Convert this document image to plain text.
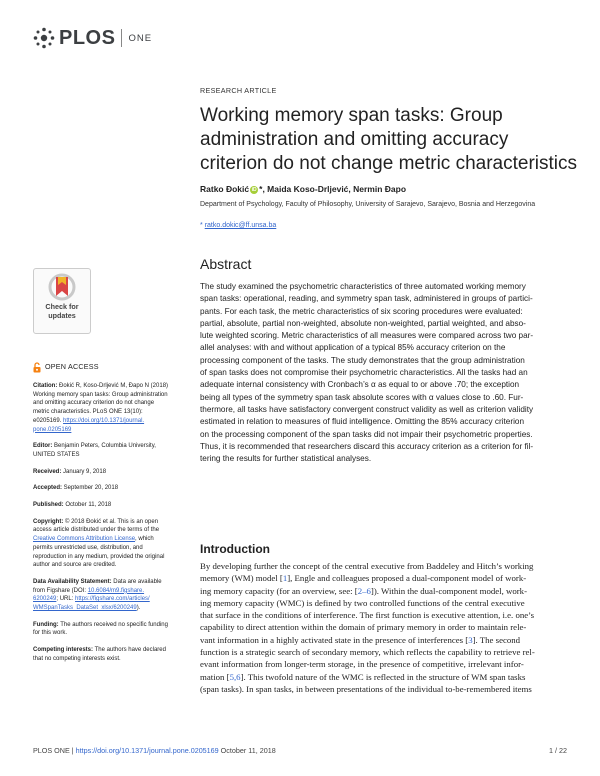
PLOS ONE
RESEARCH ARTICLE
Working memory span tasks: Group
administration and omitting accuracy
criterion do not change metric characteristics
Ratko Đokić iD *, Maida Koso-Drljević, Nermin Đapo
Department of Psychology, Faculty of Philosophy, University of Sarajevo, Sarajevo, Bosnia and Herzegovina
* ratko.dokic@ff.unsa.ba
Check for
updates
Abstract
The study examined the psychometric characteristics of three automated working memory
span tasks: operational, reading, and symmetry span task, administered in groups of partici-
pants. For each task, the metric characteristics of six scoring procedures were evaluated:
partial, absolute, partial non-weighted, absolute non-weighted, partial weighted, and abso-
lute weighted scoring. Metric characteristics of all measures were compared across two par-
allel analyses: with and without application of a typical 85% accuracy criterion on the
processing component of the tasks. The study demonstrates that the group administration
of span tasks does not compromise their psychometric characteristics. All the tasks had an
adequate internal consistency with Cronbach’s α as equal to or above .70; the exception
being all types of the symmetry span task absolute scores with α values close to .60. Fur-
thermore, all tasks have satisfactory convergent construct validity as well as criterion validity
estimated in relation to measures of fluid intelligence. Omitting the 85% accuracy criterion
on the processing component of the span tasks did not impair their psychometric properties.
Thus, it is recommended that researchers discard this accuracy criterion as a criterion for fil-
tering the results for further statistical analyses.
OPEN ACCESS
Citation: Đokić R, Koso-Drljević M, Đapo N (2018)
Working memory span tasks: Group administration
and omitting accuracy criterion do not change
metric characteristics. PLoS ONE 13(10):
e0205169. https://doi.org/10.1371/journal.
pone.0205169
Editor: Benjamin Peters, Columbia University,
UNITED STATES
Received: January 9, 2018
Accepted: September 20, 2018
Published: October 11, 2018
Copyright: © 2018 Đokić et al. This is an open
access article distributed under the terms of the
Creative Commons Attribution License, which
permits unrestricted use, distribution, and
reproduction in any medium, provided the original
author and source are credited.
Data Availability Statement: Data are available
from Figshare (DOI: 10.6084/m9.figshare.
6200249; URL: https://figshare.com/articles/
WMSpanTasks_DataSet_xlsx/6200249).
Funding: The authors received no specific funding
for this work.
Competing interests: The authors have declared
that no competing interests exist.
Introduction
By developing further the concept of the central executive from Baddeley and Hitch’s working
memory (WM) model [1], Engle and colleagues proposed a dual-component model of work-
ing memory capacity (for an overview, see: [2–6]). Within the dual-component model, work-
ing memory capacity (WMC) is defined by two controlled functions of the central executive
that surface in the conditions of interference. The first function is executive attention, i.e. one’s
capability to direct attention within the domain of primary memory in order to maintain rele-
vant information in a highly activated state in the presence of interferences [3]. The second
function is a strategic search of secondary memory, which reflects the capability to retrieve rel-
evant information from longer-term storage, in the presence of competitive, irrelevant infor-
mation [5,6]. This twofold nature of the WMC is reflected in the structure of WM span tasks
(span tasks). In span tasks, in between presentations of the individual to-be-remembered items
PLOS ONE | https://doi.org/10.1371/journal.pone.0205169 October 11, 2018	1 / 22
